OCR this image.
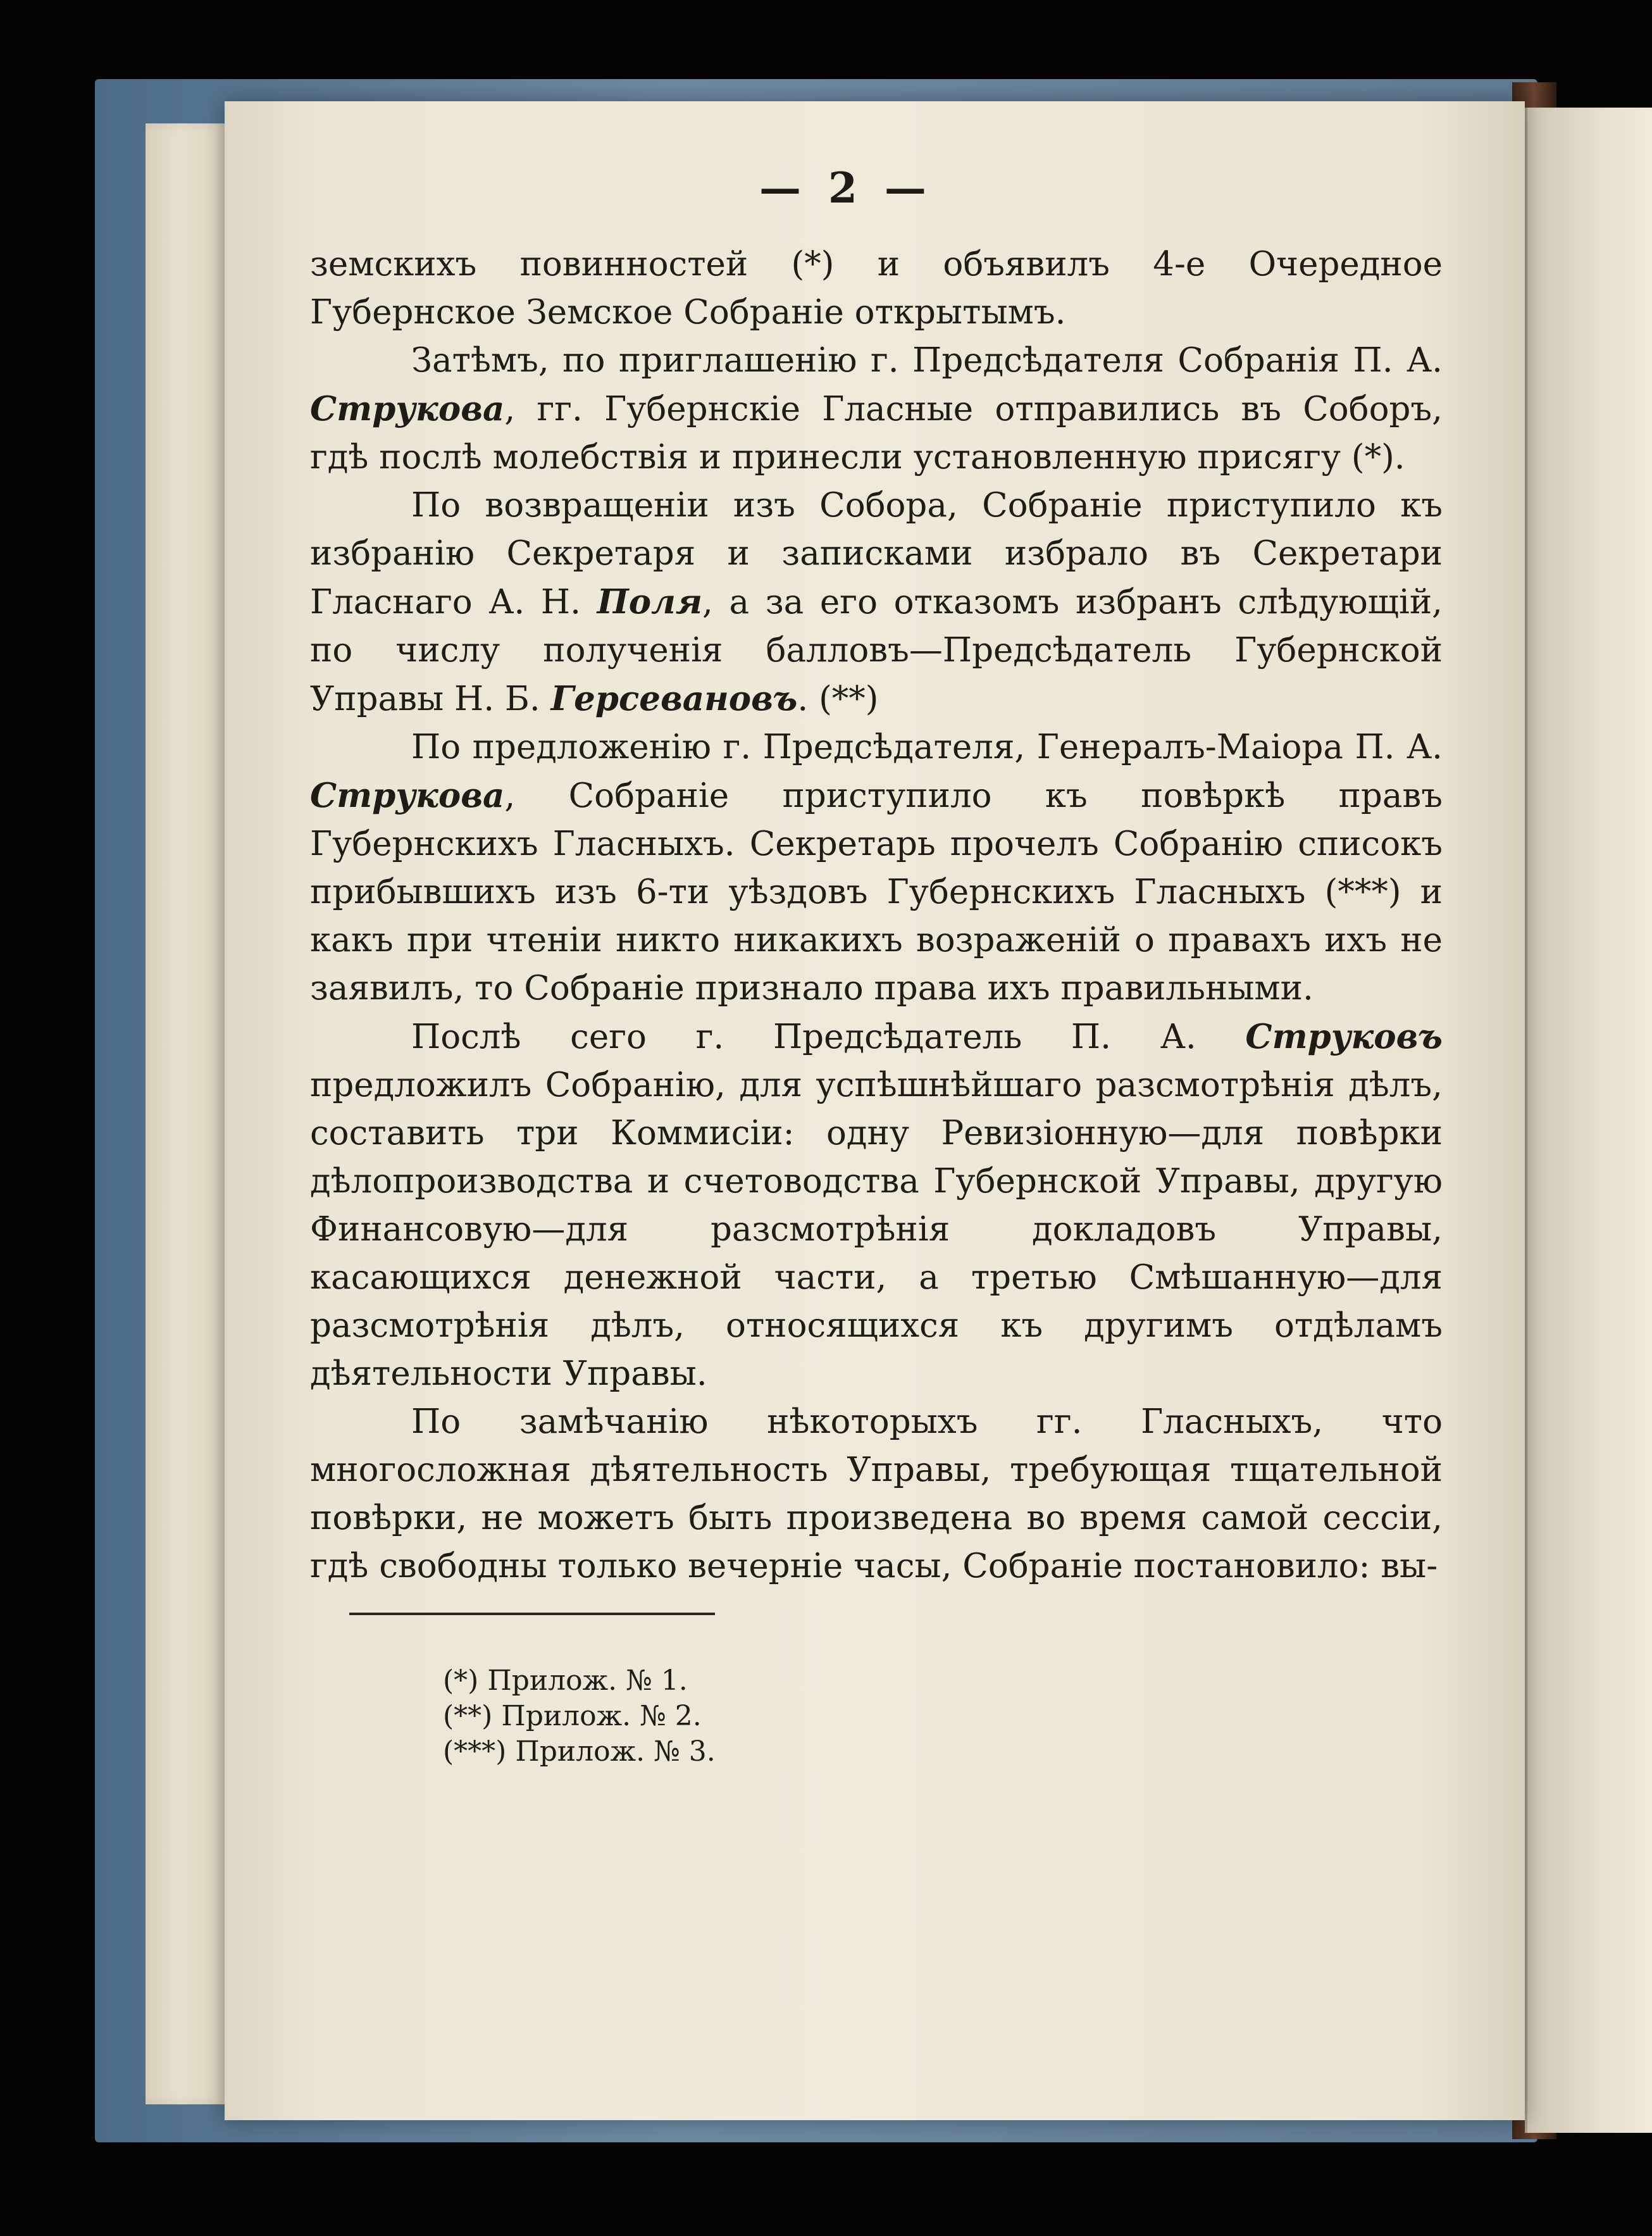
— 2 —

земскихъ повинностей (*) и объявилъ 4-е Очередное Губернское Земское Собраніе открытымъ.

Затѣмъ, по приглашенію г. Предсѣдателя Собранія П. А. Струкова, гг. Губернскіе Гласные отправились въ Соборъ, гдѣ послѣ молебствія и принесли установленную присягу (*).

По возвращеніи изъ Собора, Собраніе приступило къ избранію Секретаря и записками избрало въ Секретари Гласнаго А. Н. Поля, а за его отказомъ избранъ слѣдующій, по числу полученія балловъ—Предсѣдатель Губернской Управы Н. Б. Герсевановъ. (**)

По предложенію г. Предсѣдателя, Генералъ-Маіора П. А. Струкова, Собраніе приступило къ повѣркѣ правъ Губернскихъ Гласныхъ. Секретарь прочелъ Собранію списокъ прибывшихъ изъ 6-ти уѣздовъ Губернскихъ Гласныхъ (***) и какъ при чтеніи никто никакихъ возраженій о правахъ ихъ не заявилъ, то Собраніе признало права ихъ правильными.

Послѣ сего г. Предсѣдатель П. А. Струковъ предложилъ Собранію, для успѣшнѣйшаго разсмотрѣнія дѣлъ, составить три Коммисіи: одну Ревизіонную—для повѣрки дѣлопроизводства и счетоводства Губернской Управы, другую Финансовую—для разсмотрѣнія докладовъ Управы, касающихся денежной части, а третью Смѣшанную—для разсмотрѣнія дѣлъ, относящихся къ другимъ отдѣламъ дѣятельности Управы.

По замѣчанію нѣкоторыхъ гг. Гласныхъ, что многосложная дѣятельность Управы, требующая тщательной повѣрки, не можетъ быть произведена во время самой сессіи, гдѣ свободны только вечерніе часы, Собраніе постановило: вы-

(*) Прилож. № 1.
(**) Прилож. № 2.
(***) Прилож. № 3.
